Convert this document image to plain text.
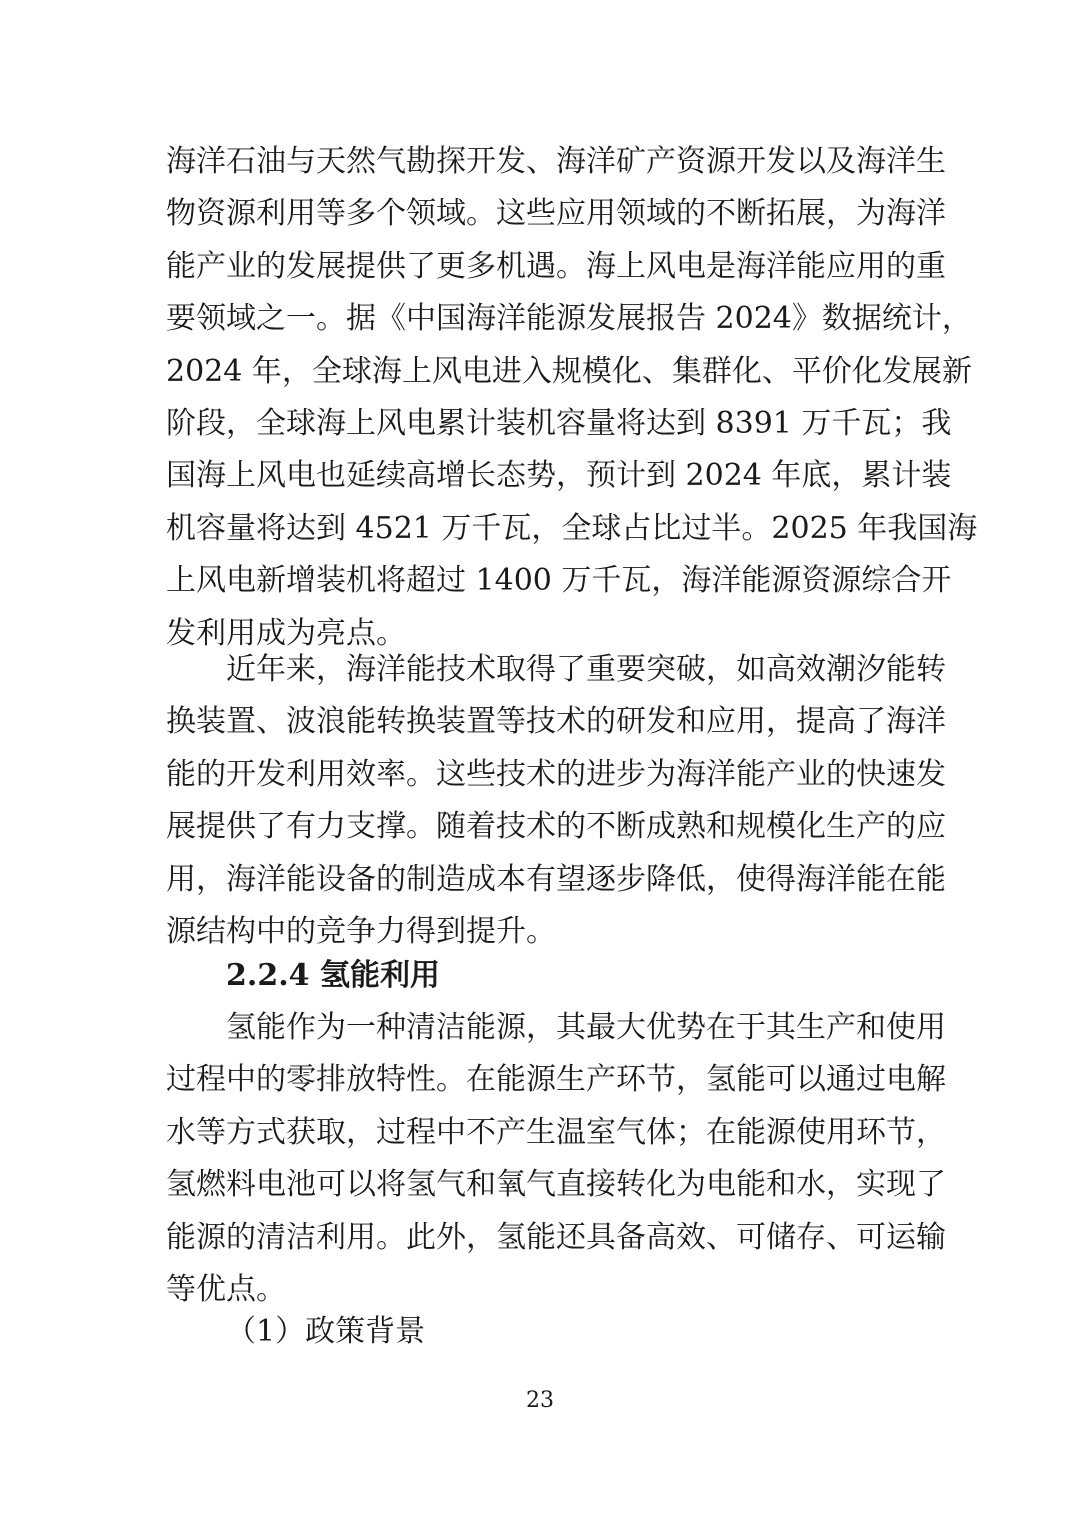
海洋石油与天然气勘探开发、海洋矿产资源开发以及海洋生
物资源利用等多个领域。这些应用领域的不断拓展，为海洋
能产业的发展提供了更多机遇。海上风电是海洋能应用的重
要领域之一。据《中国海洋能源发展报告 2024》数据统计，
2024 年，全球海上风电进入规模化、集群化、平价化发展新
阶段，全球海上风电累计装机容量将达到 8391 万千瓦；我
国海上风电也延续高增长态势，预计到 2024 年底，累计装
机容量将达到 4521 万千瓦，全球占比过半。2025 年我国海
上风电新增装机将超过 1400 万千瓦，海洋能源资源综合开
发利用成为亮点。
近年来，海洋能技术取得了重要突破，如高效潮汐能转
换装置、波浪能转换装置等技术的研发和应用，提高了海洋
能的开发利用效率。这些技术的进步为海洋能产业的快速发
展提供了有力支撑。随着技术的不断成熟和规模化生产的应
用，海洋能设备的制造成本有望逐步降低，使得海洋能在能
源结构中的竞争力得到提升。
2.2.4 氢能利用
氢能作为一种清洁能源，其最大优势在于其生产和使用
过程中的零排放特性。在能源生产环节，氢能可以通过电解
水等方式获取，过程中不产生温室气体；在能源使用环节，
氢燃料电池可以将氢气和氧气直接转化为电能和水，实现了
能源的清洁利用。此外，氢能还具备高效、可储存、可运输
等优点。
（1）政策背景
23
